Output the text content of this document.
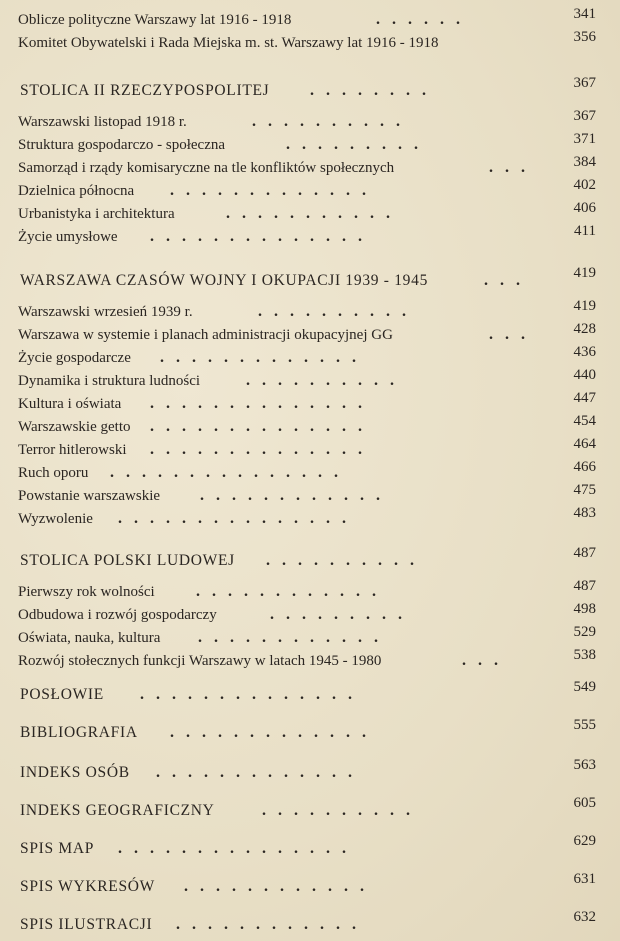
Oblicze polityczne Warszawy lat 1916 - 1918	......	341
Komitet Obywatelski i Rada Miejska m. st. Warszawy lat 1916 - 1918	356
STOLICA II RZECZYPOSPOLITEJ	........	367
Warszawski listopad 1918 r.	..........	367
Struktura gospodarczo - społeczna	.........	371
Samorząd i rządy komisaryczne na tle konfliktów społecznych	...	384
Dzielnica północna .............	402
Urbanistyka i architektura	...........	406
Życie umysłowe ..............	411
WARSZAWA CZASÓW WOJNY I OKUPACJI 1939 - 1945	...	419
Warszawski wrzesień 1939 r.	..........	419
Warszawa w systemie i planach administracji okupacyjnej GG	...	428
Życie gospodarcze .............	436
Dynamika i struktura ludności	..........	440
Kultura i oświata ..............	447
Warszawskie getto ..............	454
Terror hitlerowski ..............	464
Ruch oporu ...............	466
Powstanie warszawskie ............	475
Wyzwolenie ...............	483
STOLICA POLSKI LUDOWEJ ..........	487
Pierwszy rok wolności	............	487
Odbudowa i rozwój gospodarczy	.........	498
Oświata, nauka, kultura ............	529
Rozwój stołecznych funkcji Warszawy w latach 1945 - 1980	...	538
POSŁOWIE ..............	549
BIBLIOGRAFIA .............	555
INDEKS OSÓB .............	563
INDEKS GEOGRAFICZNY	..........	605
SPIS MAP ...............	629
SPIS WYKRESÓW ............	631
SPIS ILUSTRACJI ............	632
